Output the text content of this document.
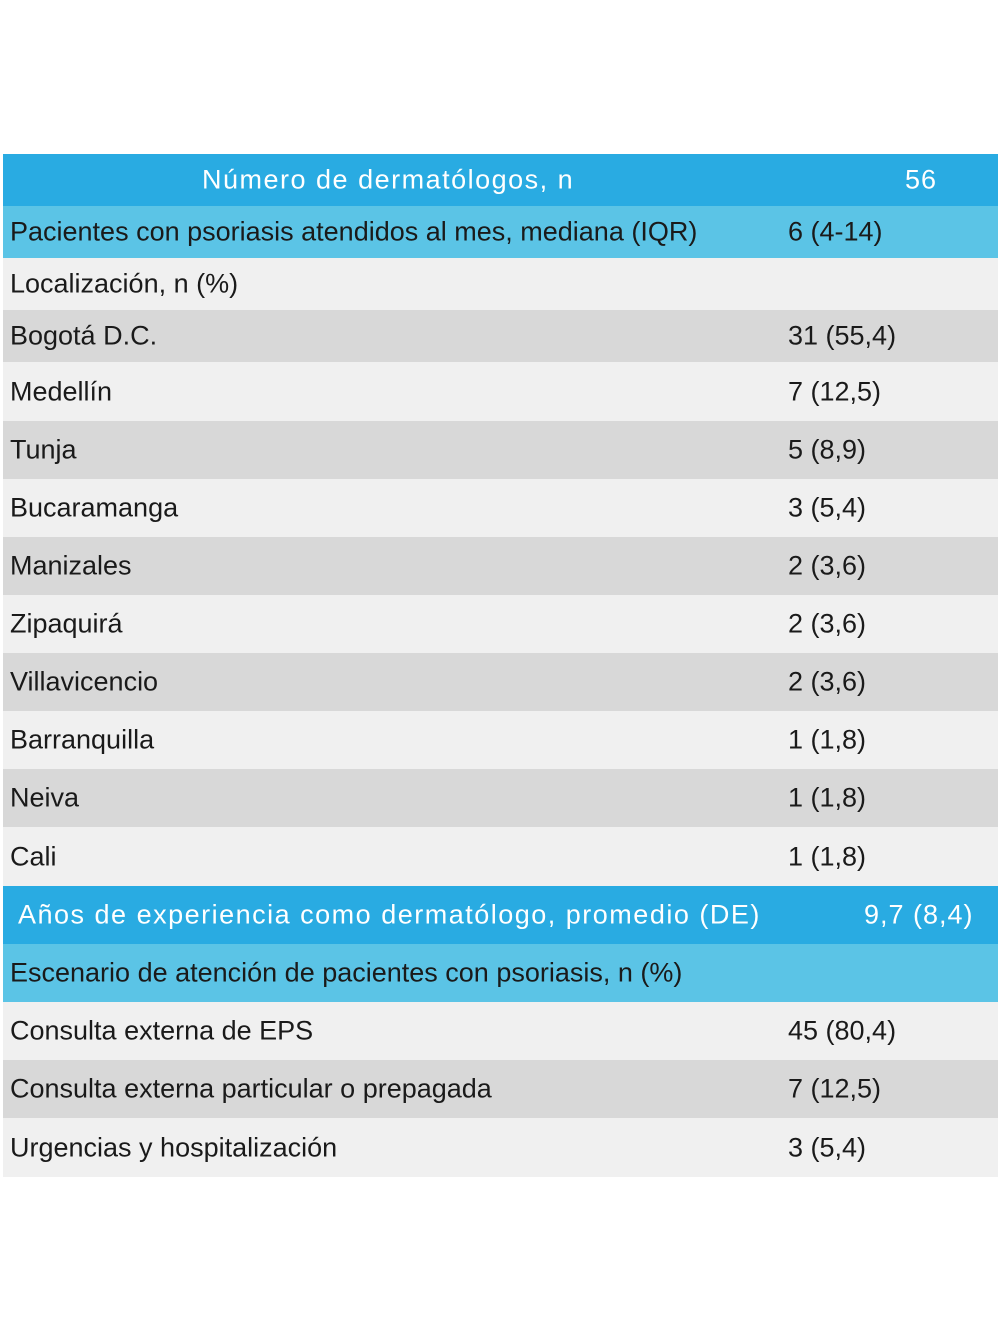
Número de dermatólogos, n	56
Pacientes con psoriasis atendidos al mes, mediana (IQR)	6 (4-14)
Localización, n (%)
Bogotá D.C.	31 (55,4)
Medellín	7 (12,5)
Tunja	5 (8,9)
Bucaramanga	3 (5,4)
Manizales	2 (3,6)
Zipaquirá	2 (3,6)
Villavicencio	2 (3,6)
Barranquilla	1 (1,8)
Neiva	1 (1,8)
Cali	1 (1,8)
Años de experiencia como dermatólogo, promedio (DE)	9,7 (8,4)
Escenario de atención de pacientes con psoriasis, n (%)
Consulta externa de EPS	45 (80,4)
Consulta externa particular o prepagada	7 (12,5)
Urgencias y hospitalización	3 (5,4)
